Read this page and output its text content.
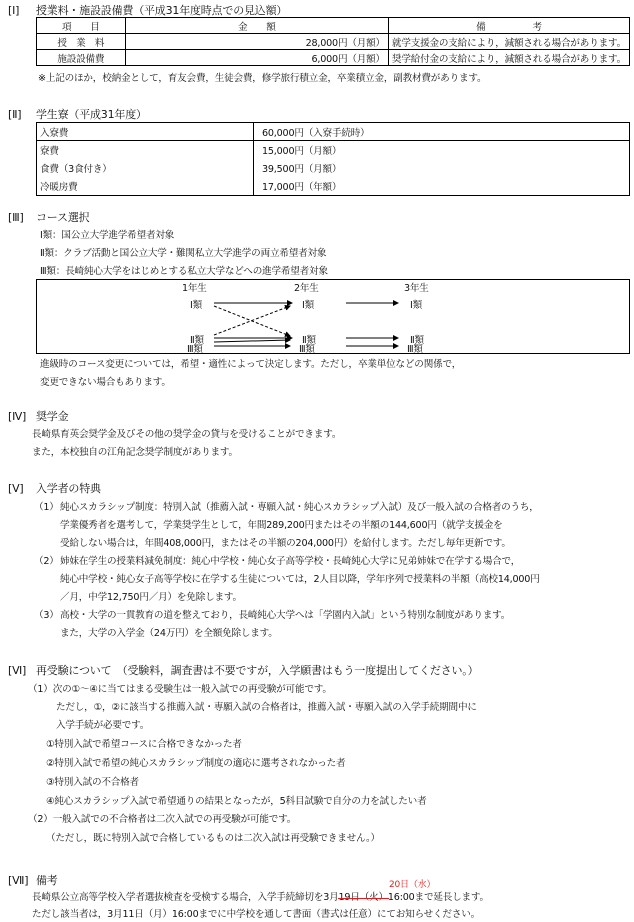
[Ⅰ] 授業料・施設設備費（平成31年度時点での見込額）
項　　目	金　　額	備　　　　　考
授　業　料	28,000円（月額）	就学支援金の支給により，減額される場合があります。
施設設備費	6,000円（月額）	奨学給付金の支給により，減額される場合があります。
※上記のほか，校納金として，育友会費，生徒会費，修学旅行積立金，卒業積立金，副教材費があります。
[Ⅱ] 学生寮（平成31年度）
入寮費	60,000円（入寮手続時）
寮費	15,000円（月額）
食費（3食付き）	39,500円（月額）
冷暖房費	17,000円（年額）
[Ⅲ] コース選択
Ⅰ類：国公立大学進学希望者対象
Ⅱ類：クラブ活動と国公立大学・難関私立大学進学の両立希望者対象
Ⅲ類：長崎純心大学をはじめとする私立大学などへの進学希望者対象
1年生	2年生	3年生
Ⅰ類
Ⅱ類
Ⅲ類
Ⅰ類
Ⅱ類
Ⅲ類
Ⅰ類
Ⅱ類
Ⅲ類
進級時のコース変更については，希望・適性によって決定します。ただし，卒業単位などの関係で，
変更できない場合もあります。
[Ⅳ] 奨学金
長崎県育英会奨学金及びその他の奨学金の貸与を受けることができます。
また，本校独自の江角記念奨学制度があります。
[Ⅴ] 入学者の特典
（1） 純心スカラシップ制度：特別入試（推薦入試・専願入試・純心スカラシップ入試）及び一般入試の合格者のうち，
学業優秀者を選考して，学業奨学生として，年間289,200円またはその半額の144,600円（就学支援金を
受給しない場合は，年間408,000円，またはその半額の204,000円）を給付します。ただし毎年更新です。
（2） 姉妹在学生の授業料減免制度：純心中学校・純心女子高等学校・長崎純心大学に兄弟姉妹で在学する場合で，
純心中学校・純心女子高等学校に在学する生徒については，2人目以降，学年序列で授業料の半額（高校14,000円
／月，中学12,750円／月）を免除します。
（3） 高校・大学の一貫教育の道を整えており，長崎純心大学へは「学園内入試」という特別な制度があります。
また，大学の入学金（24万円）を全額免除します。
[Ⅵ] 再受験について　（受験料，調査書は不要ですが，入学願書はもう一度提出してください。）
（1）次の①～④に当てはまる受験生は一般入試での再受験が可能です。
ただし，①，②に該当する推薦入試・専願入試の合格者は，推薦入試・専願入試の入学手続期間中に
入学手続が必要です。
①特別入試で希望コースに合格できなかった者
②特別入試で希望の純心スカラシップ制度の適応に選考されなかった者
③特別入試の不合格者
④純心スカラシップ入試で希望通りの結果となったが，5科目試験で自分の力を試したい者
（2）一般入試での不合格者は二次入試での再受験が可能です。
（ただし，既に特別入試で合格しているものは二次入試は再受験できません。）
[Ⅶ] 備考	20日（水）
長崎県公立高等学校入学者選抜検査を受検する場合，入学手続締切を3月19日（火）16:00まで延長します。
ただし該当者は，3月11日（月）16:00までに中学校を通して書面（書式は任意）にてお知らせください。
